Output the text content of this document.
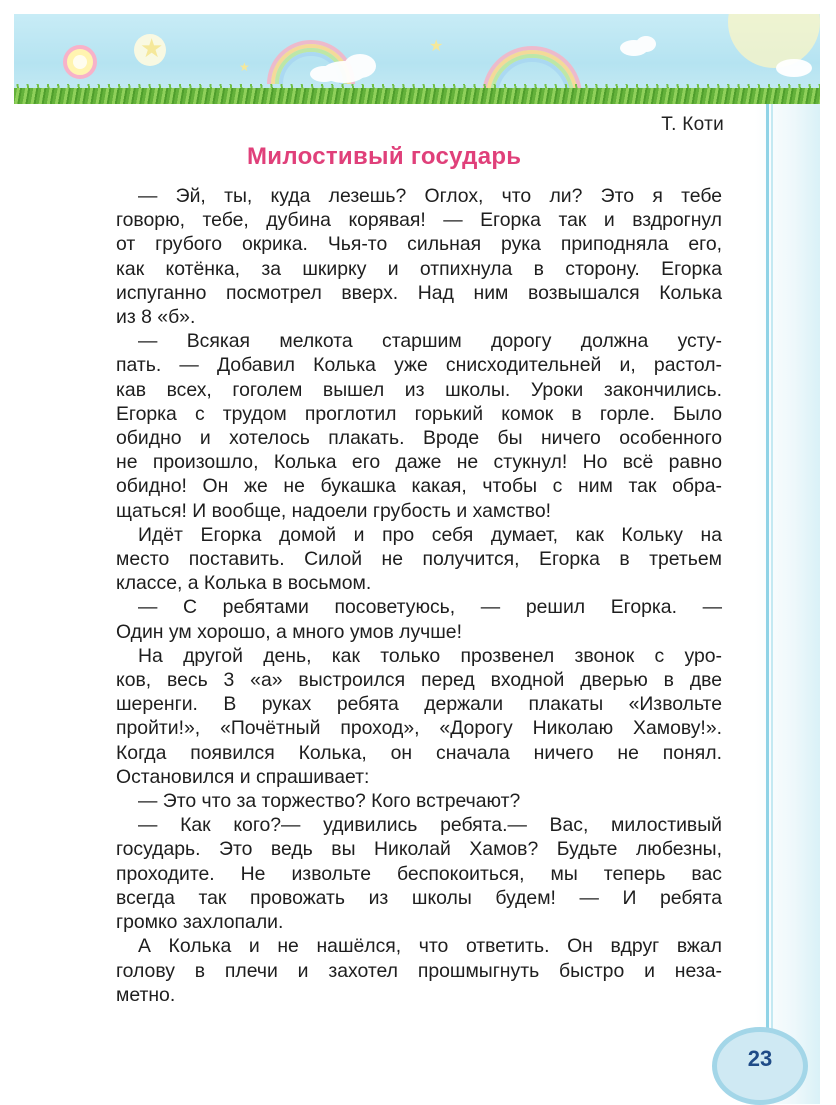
★	★
★
Т. Коти
Милостивый государь

— Эй, ты, куда лезешь? Оглох, что ли? Это я тебе
говорю, тебе, дубина корявая! — Егорка так и вздрогнул
от грубого окрика. Чья-то сильная рука приподняла его,
как котёнка, за шкирку и отпихнула в сторону. Егорка
испуганно посмотрел вверх. Над ним возвышался Колька
из 8 «б».

— Всякая мелкота старшим дорогу должна усту-
пать. — Добавил Колька уже снисходительней и, растол-
кав всех, гоголем вышел из школы. Уроки закончились.
Егорка с трудом проглотил горький комок в горле. Было
обидно и хотелось плакать. Вроде бы ничего особенного
не произошло, Колька его даже не стукнул! Но всё равно
обидно! Он же не букашка какая, чтобы с ним так обра-
щаться! И вообще, надоели грубость и хамство!

Идёт Егорка домой и про себя думает, как Кольку на
место поставить. Силой не получится, Егорка в третьем
классе, а Колька в восьмом.

— С ребятами посоветуюсь, — решил Егорка. —
Один ум хорошо, а много умов лучше!

На другой день, как только прозвенел звонок с уро-
ков, весь 3 «а» выстроился перед входной дверью в две
шеренги. В руках ребята держали плакаты «Извольте
пройти!», «Почётный проход», «Дорогу Николаю Хамову!».
Когда появился Колька, он сначала ничего не понял.
Остановился и спрашивает:

— Это что за торжество? Кого встречают?

— Как кого?— удивились ребята.— Вас, милостивый
государь. Это ведь вы Николай Хамов? Будьте любезны,
проходите. Не извольте беспокоиться, мы теперь вас
всегда так провожать из школы будем! — И ребята
громко захлопали.

А Колька и не нашёлся, что ответить. Он вдруг вжал
голову в плечи и захотел прошмыгнуть быстро и неза-
метно.

23
